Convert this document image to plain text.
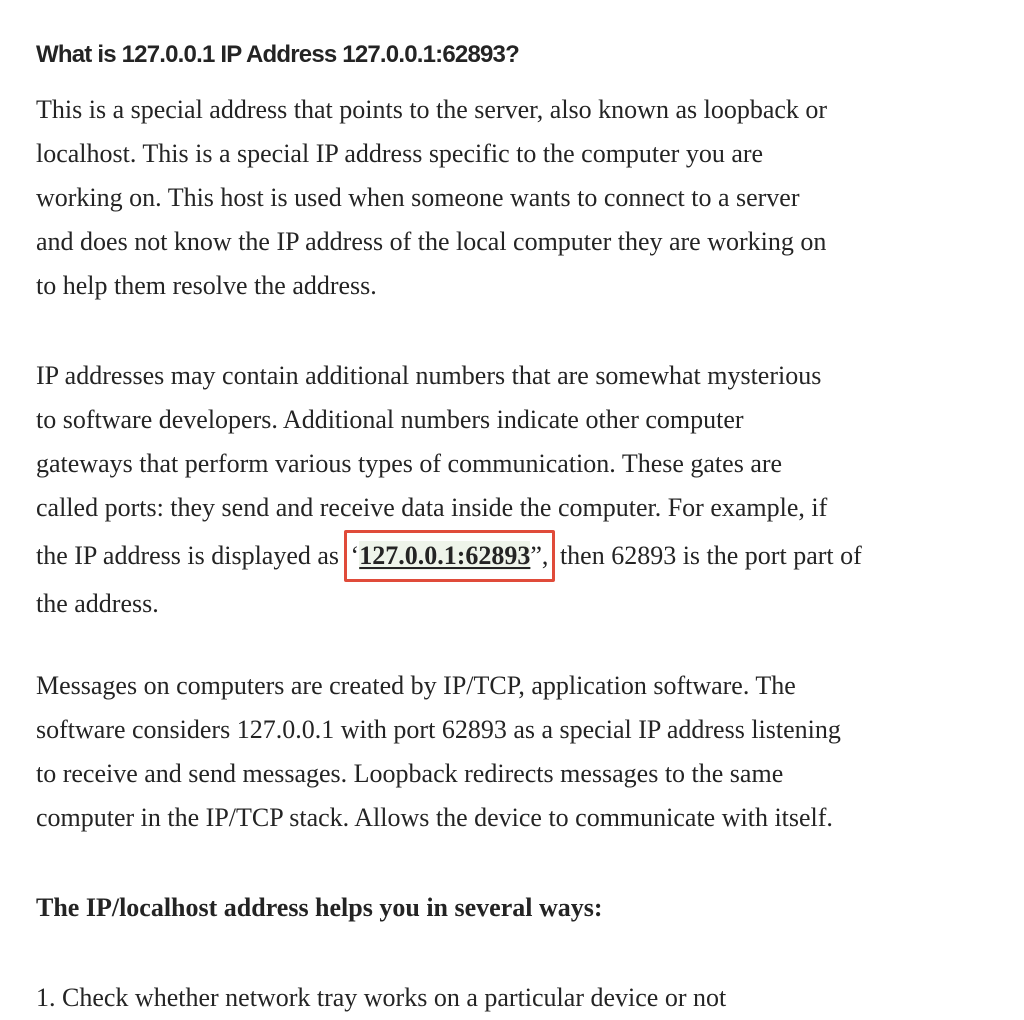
What is 127.0.0.1 IP Address 127.0.0.1:62893?

This is a special address that points to the server, also known as loopback or
localhost. This is a special IP address specific to the computer you are
working on. This host is used when someone wants to connect to a server
and does not know the IP address of the local computer they are working on
to help them resolve the address.

IP addresses may contain additional numbers that are somewhat mysterious
to software developers. Additional numbers indicate other computer
gateways that perform various types of communication. These gates are
called ports: they send and receive data inside the computer. For example, if
the IP address is displayed as ‘127.0.0.1:62893”, then 62893 is the port part of
the address.

Messages on computers are created by IP/TCP, application software. The
software considers 127.0.0.1 with port 62893 as a special IP address listening
to receive and send messages. Loopback redirects messages to the same
computer in the IP/TCP stack. Allows the device to communicate with itself.

The IP/localhost address helps you in several ways:

1. Check whether network tray works on a particular device or not
